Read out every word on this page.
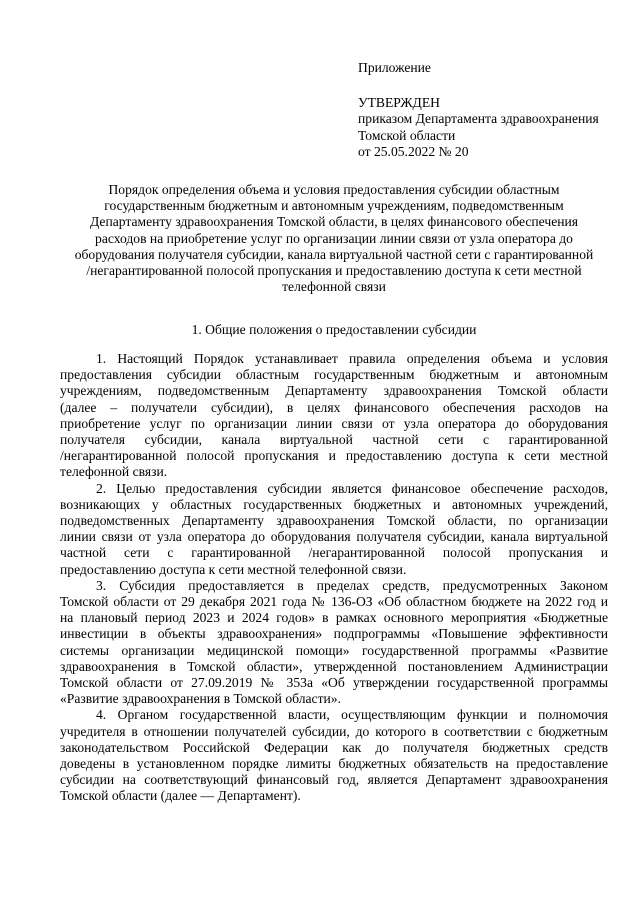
Приложение
УТВЕРЖДЕН
приказом Департамента здравоохранения
Томской области
от 25.05.2022 № 20
Порядок определения объема и условия предоставления субсидии областным
государственным бюджетным и автономным учреждениям, подведомственным
Департаменту здравоохранения Томской области, в целях финансового обеспечения
расходов на приобретение услуг по организации линии связи от узла оператора до
оборудования получателя субсидии, канала виртуальной частной сети с гарантированной
/негарантированной полосой пропускания и предоставлению доступа к сети местной
телефонной связи
1. Общие положения о предоставлении субсидии
1. Настоящий Порядок устанавливает правила определения объема и условия
предоставления субсидии областным государственным бюджетным и автономным
учреждениям, подведомственным Департаменту здравоохранения Томской области
(далее – получатели субсидии), в целях финансового обеспечения расходов на
приобретение услуг по организации линии связи от узла оператора до оборудования
получателя субсидии, канала виртуальной частной сети с гарантированной
/негарантированной полосой пропускания и предоставлению доступа к сети местной
телефонной связи.
2. Целью предоставления субсидии является финансовое обеспечение расходов,
возникающих у областных государственных бюджетных и автономных учреждений,
подведомственных Департаменту здравоохранения Томской области, по организации
линии связи от узла оператора до оборудования получателя субсидии, канала виртуальной
частной сети с гарантированной /негарантированной полосой пропускания и
предоставлению доступа к сети местной телефонной связи.
3. Субсидия предоставляется в пределах средств, предусмотренных Законом
Томской области от 29 декабря 2021 года № 136-ОЗ «Об областном бюджете на 2022 год и
на плановый период 2023 и 2024 годов» в рамках основного мероприятия «Бюджетные
инвестиции в объекты здравоохранения» подпрограммы «Повышение эффективности
системы организации медицинской помощи» государственной программы «Развитие
здравоохранения в Томской области», утвержденной постановлением Администрации
Томской области от 27.09.2019 № 353а «Об утверждении государственной программы
«Развитие здравоохранения в Томской области».
4. Органом государственной власти, осуществляющим функции и полномочия
учредителя в отношении получателей субсидии, до которого в соответствии с бюджетным
законодательством Российской Федерации как до получателя бюджетных средств
доведены в установленном порядке лимиты бюджетных обязательств на предоставление
субсидии на соответствующий финансовый год, является Департамент здравоохранения
Томской области (далее — Департамент).
